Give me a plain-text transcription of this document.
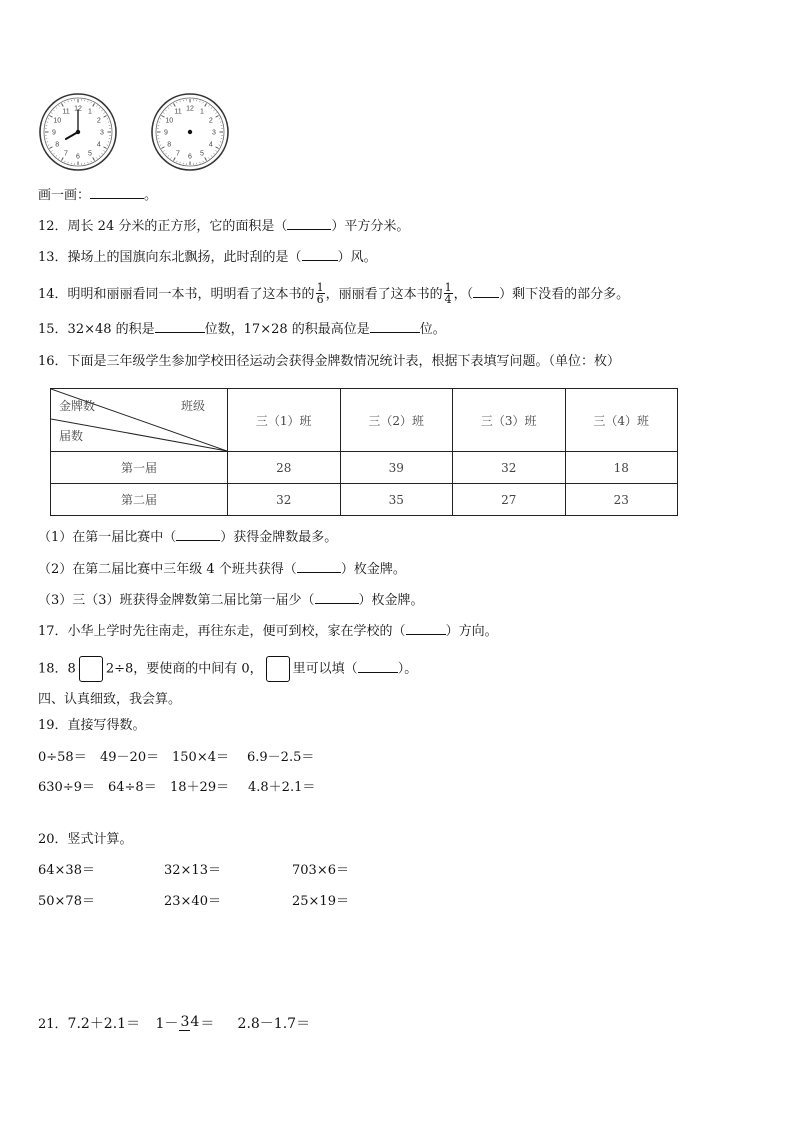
12 1
2
3
4
5
6
7
8
9
10
11	12 1
2
3
4
5
6
7
8
9
10
11
画一画：	。
12．周长 24 分米的正方形，它的面积是（	）平方分米。
13．操场上的国旗向东北飘扬，此时刮的是（	）风。
14．明明和丽丽看同一本书，明明看了这本书的 $\frac{1}{6}$ ，丽丽看了这本书的 $\frac{1}{4}$ ，（ ）剩下没看的部分多。
15．32×48 的积是	位数，17×28 的积最高位是	位。
16．下面是三年级学生参加学校田径运动会获得金牌数情况统计表，根据下表填写问题。（单位：枚）
金牌数 班级
届数	三（1）班	三（2）班	三（3）班	三（4）班
第一届	28	39	32	18
第二届	32	35	27	23
（1）在第一届比赛中（	）获得金牌数最多。
（2）在第二届比赛中三年级 4 个班共获得（	）枚金牌。
（3）三（3）班获得金牌数第二届比第一届少（	）枚金牌。
17．小华上学时先往南走，再往东走，便可到校，家在学校的（	）方向。
18．8 2÷8，要使商的中间有 0， 里可以填（	）。
四、认真细致，我会算。
19．直接写得数。
0÷58＝ 49－20＝ 150×4＝ 6.9－2.5＝
630÷9＝ 64÷8＝ 18＋29＝ 4.8＋2.1＝
20．竖式计算。
64×38＝	32×13＝	703×6＝
50×78＝	23×40＝	25×19＝
21．7.2＋2.1＝ 1－ 34＝ 2.8－1.7＝
